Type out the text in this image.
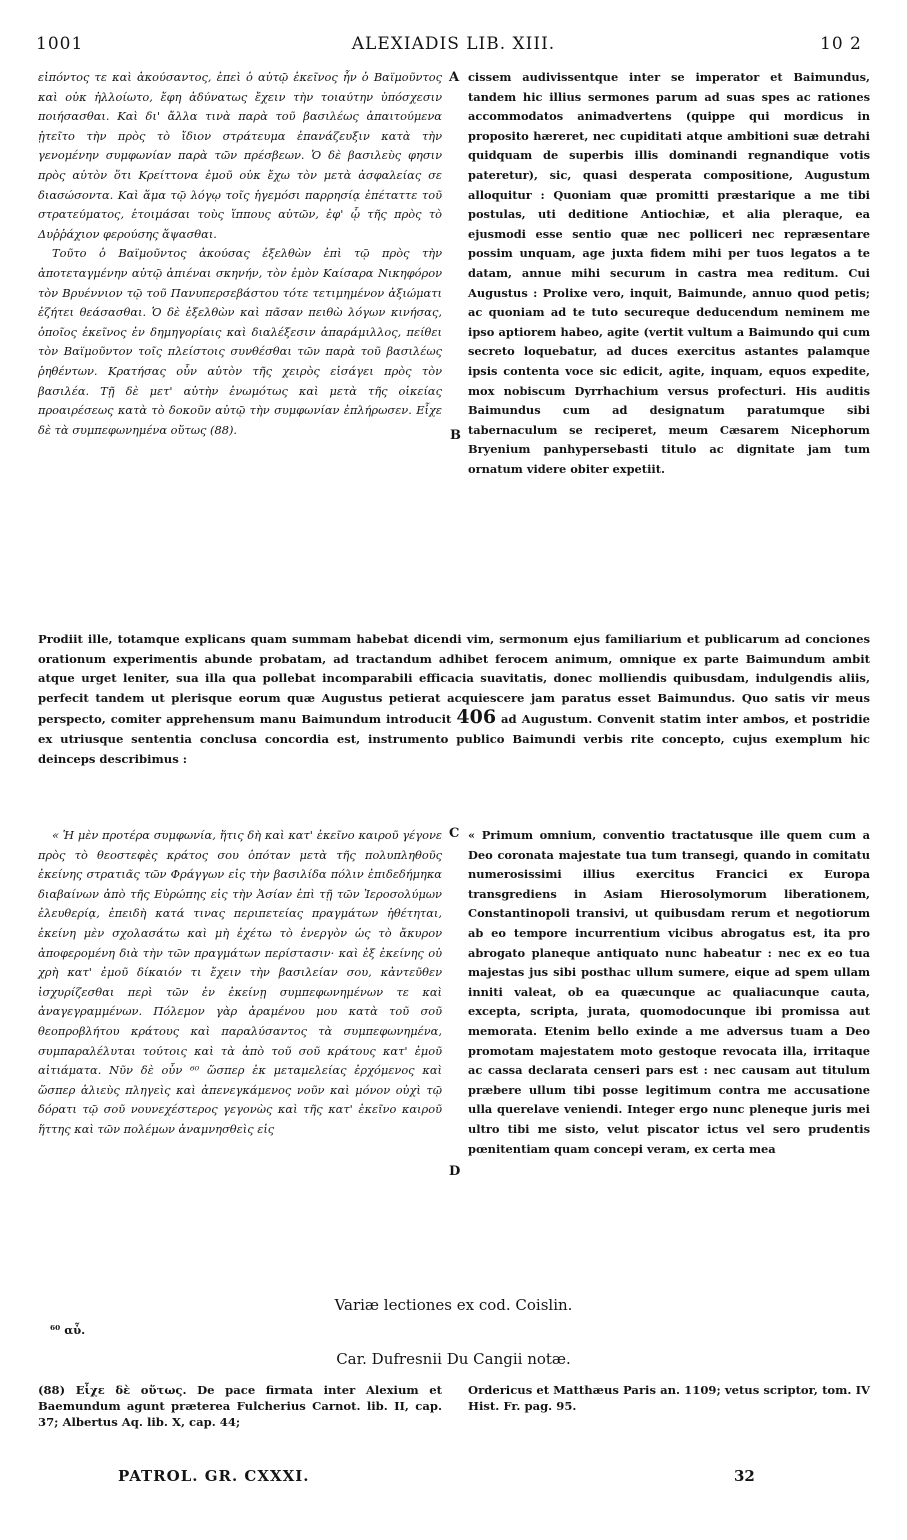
1001	ALEXIADIS LIB. XIII.	10 2

εἰπόντος τε καὶ ἀκούσαντος, ἐπεὶ ὁ αὐτῷ ἐκεῖνος ἦν ὁ Βαϊμοῦντος καὶ οὐκ ἠλλοίωτο, ἔφη ἀδύνατως ἔχειν τὴν τοιαύτην ὑπόσχεσιν ποιήσασθαι. Καὶ δι' ἄλλα τινὰ παρὰ τοῦ βασιλέως ἀπαιτούμενα ᾐτεῖτο τὴν πρὸς τὸ ἴδιον στράτευμα ἐπανάζευξιν κατὰ τὴν γενομένην συμφωνίαν παρὰ τῶν πρέσβεων. Ὁ δὲ βασιλεὺς φησιν πρὸς αὐτὸν ὅτι Κρείττονα ἐμοῦ οὐκ ἔχω τὸν μετὰ ἀσφαλείας σε διασώσοντα. Καὶ ἅμα τῷ λόγῳ τοῖς ἡγεμόσι παρρησίᾳ ἐπέταττε τοῦ στρατεύματος, ἑτοιμάσαι τοὺς ἵππους αὐτῶν, ἐφ' ᾧ τῆς πρὸς τὸ Δυῤῥάχιον φερούσης ἅψασθαι.

Τοῦτο ὁ Βαϊμοῦντος ἀκούσας ἐξελθὼν ἐπὶ τῷ πρὸς τὴν ἀποτεταγμένην αὐτῷ ἀπιέναι σκηνήν, τὸν ἐμὸν Καίσαρα Νικηφόρον τὸν Βρυέννιον τῷ τοῦ Πανυπερσεβάστου τότε τετιμημένον ἀξιώματι ἐζήτει θεάσασθαι. Ὁ δὲ ἐξελθὼν καὶ πᾶσαν πειθὼ λόγων κινήσας, ὁποῖος ἐκεῖνος ἐν δημηγορίαις καὶ διαλέξεσιν ἀπαράμιλλος, πείθει τὸν Βαϊμοῦντον τοῖς πλείστοις συνθέσθαι τῶν παρὰ τοῦ βασιλέως ῥηθέντων. Κρατήσας οὖν αὐτὸν τῆς χειρὸς εἰσάγει πρὸς τὸν βασιλέα. Τῇ δὲ μετ' αὐτὴν ἐνωμότως καὶ μετὰ τῆς οἰκείας προαιρέσεως κατὰ τὸ δοκοῦν αὐτῷ τὴν συμφωνίαν ἐπλήρωσεν. Εἶχε δὲ τὰ συμπεφωνημένα οὕτως (88).

A
B

cissem audivissentque inter se imperator et Baimundus, tandem hic illius sermones parum ad suas spes ac rationes accommodatos animadvertens (quippe qui mordicus in proposito hæreret, nec cupiditati atque ambitioni suæ detrahi quidquam de superbis illis dominandi regnandique votis pateretur), sic, quasi desperata compositione, Augustum alloquitur : Quoniam quæ promitti præstarique a me tibi postulas, uti deditione Antiochiæ, et alia pleraque, ea ejusmodi esse sentio quæ nec polliceri nec repræsentare possim unquam, age juxta fidem mihi per tuos legatos a te datam, annue mihi securum in castra mea reditum. Cui Augustus : Prolixe vero, inquit, Baimunde, annuo quod petis; ac quoniam ad te tuto secureque deducendum neminem me ipso aptiorem habeo, agite (vertit vultum a Baimundo qui cum secreto loquebatur, ad duces exercitus astantes palamque ipsis contenta voce sic edicit, agite, inquam, equos expedite, mox nobiscum Dyrrhachium versus profecturi. His auditis Baimundus cum ad designatum paratumque sibi tabernaculum se reciperet, meum Cæsarem Nicephorum Bryenium panhypersebasti titulo ac dignitate jam tum ornatum videre obiter expetiit.

Prodiit ille, totamque explicans quam summam habebat dicendi vim, sermonum ejus familiarium et publicarum ad conciones orationum experimentis abunde probatam, ad tractandum adhibet ferocem animum, omnique ex parte Baimundum ambit atque urget leniter, sua illa qua pollebat incomparabili efficacia suavitatis, donec molliendis quibusdam, indulgendis aliis, perfecit tandem ut plerisque eorum quæ Augustus petierat acquiescere jam paratus esset Baimundus. Quo satis vir meus perspecto, comiter apprehensum manu Baimundum introducit 406 ad Augustum. Convenit statim inter ambos, et postridie ex utriusque sententia conclusa concordia est, instrumento publico Baimundi verbis rite concepto, cujus exemplum hic deinceps describimus :

« Ἡ μὲν προτέρα συμφωνία, ἥτις δὴ καὶ κατ' ἐκεῖνο καιροῦ γέγονε πρὸς τὸ θεοστεφὲς κράτος σου ὁπόταν μετὰ τῆς πολυπληθοῦς ἐκείνης στρατιᾶς τῶν Φράγγων εἰς τὴν βασιλίδα πόλιν ἐπιδεδήμηκα διαβαίνων ἀπὸ τῆς Εὐρώπης εἰς τὴν Ἀσίαν ἐπὶ τῇ τῶν Ἱεροσολύμων ἐλευθερίᾳ, ἐπειδὴ κατά τινας περιπετείας πραγμάτων ἠθέτηται, ἐκείνη μὲν σχολασάτω καὶ μὴ ἐχέτω τὸ ἐνεργὸν ὡς τὸ ἄκυρον ἀποφερομένη διὰ τὴν τῶν πραγμάτων περίστασιν· καὶ ἐξ ἐκείνης οὐ χρὴ κατ' ἐμοῦ δίκαιόν τι ἔχειν τὴν βασιλείαν σου, κἀντεῦθεν ἰσχυρίζεσθαι περὶ τῶν ἐν ἐκείνῃ συμπεφωνημένων τε καὶ ἀναγεγραμμένων. Πόλεμον γὰρ ἀραμένου μου κατὰ τοῦ σοῦ θεοπροβλήτου κράτους καὶ παραλύσαντος τὰ συμπεφωνημένα, συμπαραλέλυται τούτοις καὶ τὰ ἀπὸ τοῦ σοῦ κράτους κατ' ἐμοῦ αἰτιάματα. Νῦν δὲ οὖν ⁶⁰ ὥσπερ ἐκ μεταμελείας ἐρχόμενος καὶ ὥσπερ ἁλιεὺς πληγεὶς καὶ ἀπενεγκάμενος νοῦν καὶ μόνον οὐχὶ τῷ δόρατι τῷ σοῦ νουνεχέστερος γεγονὼς καὶ τῆς κατ' ἐκεῖνο καιροῦ ἥττης καὶ τῶν πολέμων ἀναμνησθεὶς εἰς

C
D

« Primum omnium, conventio tractatusque ille quem cum a Deo coronata majestate tua tum transegi, quando in comitatu numerosissimi illius exercitus Francici ex Europa transgrediens in Asiam Hierosolymorum liberationem, Constantinopoli transivi, ut quibusdam rerum et negotiorum ab eo tempore incurrentium vicibus abrogatus est, ita pro abrogato planeque antiquato nunc habeatur : nec ex eo tua majestas jus sibi posthac ullum sumere, eique ad spem ullam inniti valeat, ob ea quæcunque ac qualiacunque cauta, excepta, scripta, jurata, quomodocunque ibi promissa aut memorata. Etenim bello exinde a me adversus tuam a Deo promotam majestatem moto gestoque revocata illa, irritaque ac cassa declarata censeri pars est : nec causam aut titulum præbere ullum tibi posse legitimum contra me accusatione ulla querelave veniendi. Integer ergo nunc pleneque juris mei ultro tibi me sisto, velut piscator ictus vel sero prudentis pœnitentiam quam concepi veram, ex certa mea

Variæ lectiones ex cod. Coislin.
⁶⁰ αὖ.
Car. Dufresnii Du Cangii notæ.
(88) Εἶχε δὲ οὕτως. De pace firmata inter Alexium et Baemundum agunt præterea Fulcherius Carnot. lib. II, cap. 37; Albertus Aq. lib. X, cap. 44;
Ordericus et Matthæus Paris an. 1109; vetus scriptor, tom. IV Hist. Fr. pag. 95.
PATROL. GR. CXXXI.	32
